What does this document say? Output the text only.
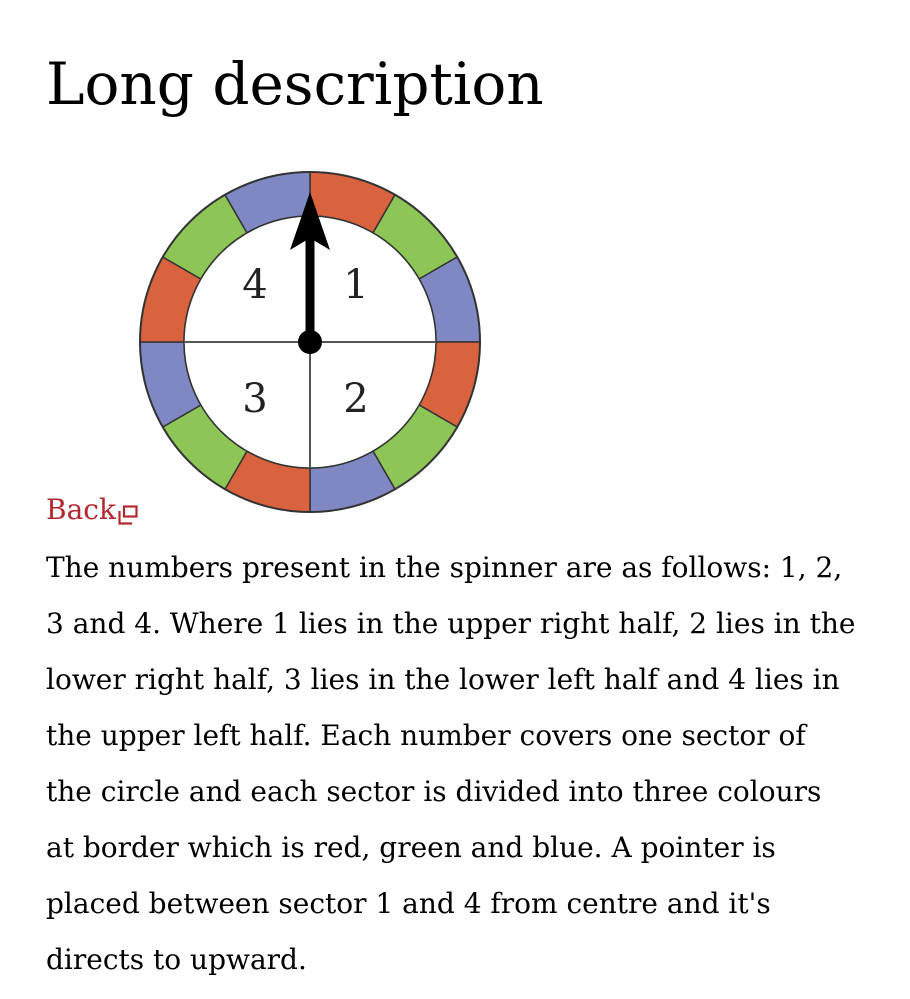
Long description
4 1
3 2
Back

The numbers present in the spinner are as follows: 1, 2, 3 and 4. Where 1 lies in the upper right half, 2 lies in the lower right half, 3 lies in the lower left half and 4 lies in the upper left half. Each number covers one sector of the circle and each sector is divided into three colours at border which is red, green and blue. A pointer is placed between sector 1 and 4 from centre and it's directs to upward.
